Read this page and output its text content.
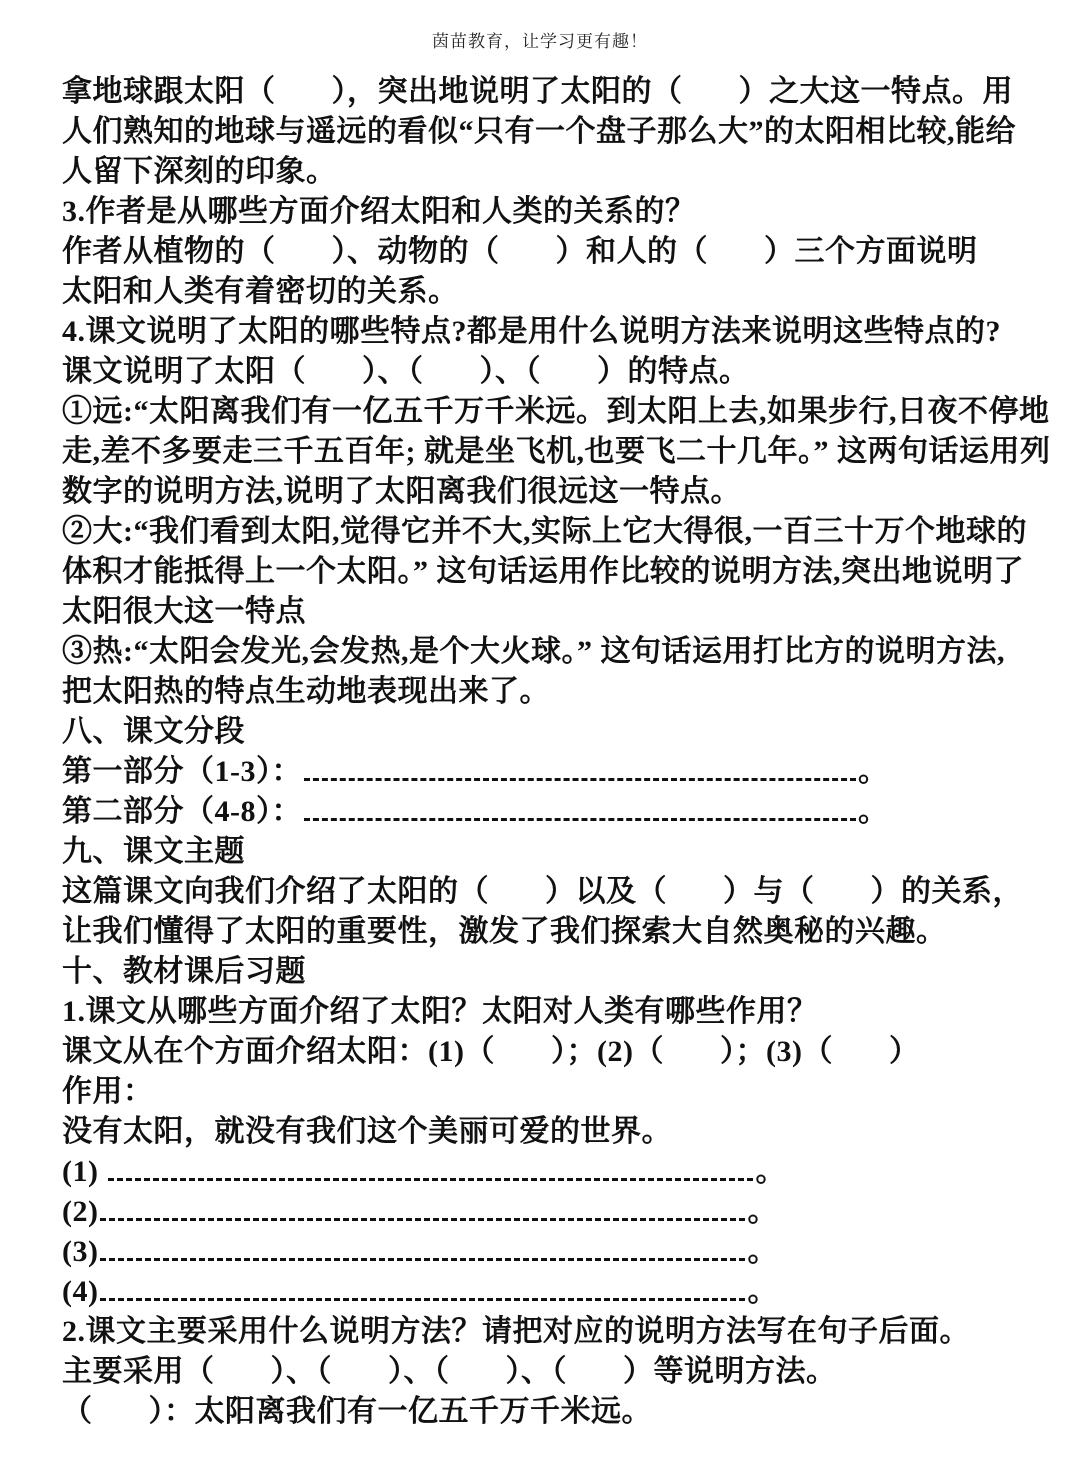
茵苗教育，让学习更有趣！
拿地球跟太阳（       ），突出地说明了太阳的（       ）之大这一特点。用
人们熟知的地球与遥远的看似“只有一个盘子那么大”的太阳相比较,能给
人留下深刻的印象。
3.作者是从哪些方面介绍太阳和人类的关系的？
作者从植物的（       ）、动物的（       ）和人的（       ）三个方面说明
太阳和人类有着密切的关系。
4.课文说明了太阳的哪些特点?都是用什么说明方法来说明这些特点的?
课文说明了太阳（       ）、（       ）、（       ）的特点。
①远:“太阳离我们有一亿五千万千米远。到太阳上去,如果步行,日夜不停地
走,差不多要走三千五百年; 就是坐飞机,也要飞二十几年。” 这两句话运用列
数字的说明方法,说明了太阳离我们很远这一特点。
②大:“我们看到太阳,觉得它并不大,实际上它大得很,一百三十万个地球的
体积才能抵得上一个太阳。” 这句话运用作比较的说明方法,突出地说明了
太阳很大这一特点
③热:“太阳会发光,会发热,是个大火球。” 这句话运用打比方的说明方法,
把太阳热的特点生动地表现出来了。
八、课文分段
第一部分（1-3）：	。
第二部分（4-8）：	。
九、课文主题
这篇课文向我们介绍了太阳的（       ）以及（       ）与（       ）的关系，
让我们懂得了太阳的重要性，激发了我们探索大自然奥秘的兴趣。
十、教材课后习题
1.课文从哪些方面介绍了太阳？太阳对人类有哪些作用？
课文从在个方面介绍太阳：(1)（       ）；(2)（       ）；(3)（       ）
作用：
没有太阳，就没有我们这个美丽可爱的世界。
(1)	。
(2)	。
(3)	。
(4)	。
2.课文主要采用什么说明方法？请把对应的说明方法写在句子后面。
主要采用（       ）、（       ）、（       ）、（       ）等说明方法。
（       ）：太阳离我们有一亿五千万千米远。
